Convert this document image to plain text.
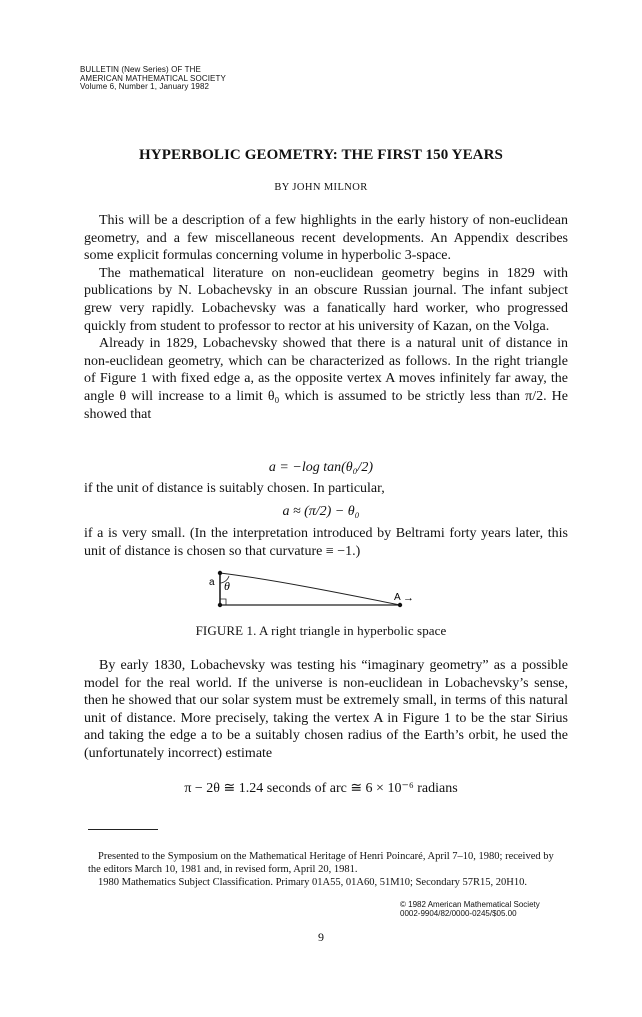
BULLETIN (New Series) OF THE
AMERICAN MATHEMATICAL SOCIETY
Volume 6, Number 1, January 1982
HYPERBOLIC GEOMETRY: THE FIRST 150 YEARS
BY JOHN MILNOR

This will be a description of a few highlights in the early history of non-euclidean geometry, and a few miscellaneous recent developments. An Appendix describes some explicit formulas concerning volume in hyperbolic 3-space.

The mathematical literature on non-euclidean geometry begins in 1829 with publications by N. Lobachevsky in an obscure Russian journal. The infant subject grew very rapidly. Lobachevsky was a fanatically hard worker, who progressed quickly from student to professor to rector at his university of Kazan, on the Volga.

Already in 1829, Lobachevsky showed that there is a natural unit of distance in non-euclidean geometry, which can be characterized as follows. In the right triangle of Figure 1 with fixed edge a, as the opposite vertex A moves infinitely far away, the angle θ will increase to a limit θ₀ which is assumed to be strictly less than π/2. He showed that

a = −log tan(θ₀/2)

if the unit of distance is suitably chosen. In particular,

a ≈ (π/2) − θ₀

if a is very small. (In the interpretation introduced by Beltrami forty years later, this unit of distance is chosen so that curvature ≡ −1.)

a θ
A →
FIGURE 1. A right triangle in hyperbolic space

By early 1830, Lobachevsky was testing his “imaginary geometry” as a possible model for the real world. If the universe is non-euclidean in Lobachevsky’s sense, then he showed that our solar system must be extremely small, in terms of this natural unit of distance. More precisely, taking the vertex A in Figure 1 to be the star Sirius and taking the edge a to be a suitably chosen radius of the Earth’s orbit, he used the (unfortunately incorrect) estimate

π − 2θ ≅ 1.24 seconds of arc ≅ 6 × 10⁻⁶ radians

Presented to the Symposium on the Mathematical Heritage of Henri Poincaré, April 7–10, 1980; received by the editors March 10, 1981 and, in revised form, April 20, 1981.

1980 Mathematics Subject Classification. Primary 01A55, 01A60, 51M10; Secondary 57R15, 20H10.

© 1982 American Mathematical Society
0002-9904/82/0000-0245/$05.00
9
